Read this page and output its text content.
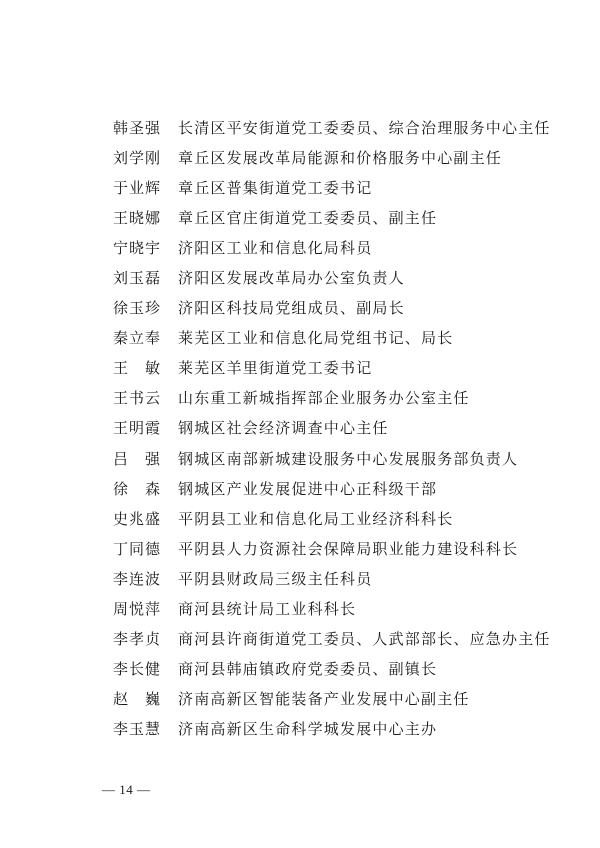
韩圣强	长清区平安街道党工委委员、综合治理服务中心主任
刘学刚	章丘区发展改革局能源和价格服务中心副主任
于业辉	章丘区普集街道党工委书记
王晓娜	章丘区官庄街道党工委委员、副主任
宁晓宇	济阳区工业和信息化局科员
刘玉磊	济阳区发展改革局办公室负责人
徐玉珍	济阳区科技局党组成员、副局长
秦立奉	莱芜区工业和信息化局党组书记、局长
王　敏	莱芜区羊里街道党工委书记
王书云	山东重工新城指挥部企业服务办公室主任
王明霞	钢城区社会经济调查中心主任
吕　强	钢城区南部新城建设服务中心发展服务部负责人
徐　森	钢城区产业发展促进中心正科级干部
史兆盛	平阴县工业和信息化局工业经济科科长
丁同德	平阴县人力资源社会保障局职业能力建设科科长
李连波	平阴县财政局三级主任科员
周悦萍	商河县统计局工业科科长
李孝贞	商河县许商街道党工委员、人武部部长、应急办主任
李长健	商河县韩庙镇政府党委委员、副镇长
赵　巍	济南高新区智能装备产业发展中心副主任
李玉慧	济南高新区生命科学城发展中心主办
— 14 —
